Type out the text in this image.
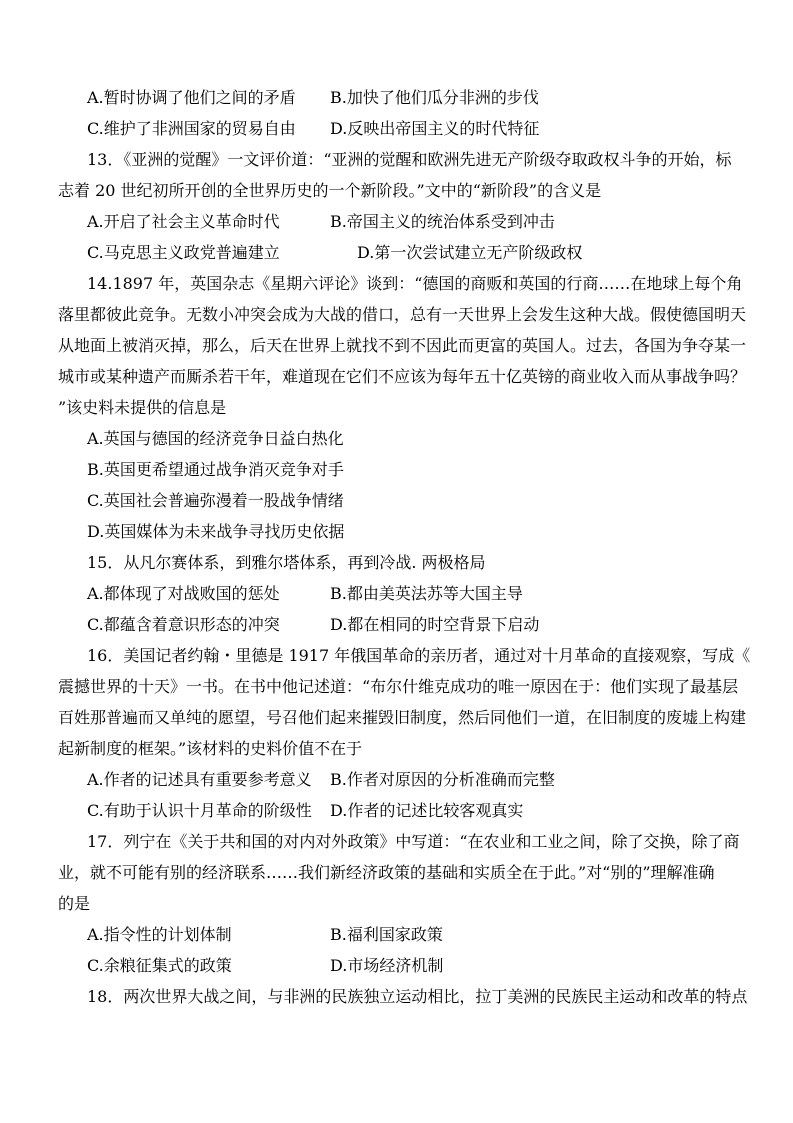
A.暂时协调了他们之间的矛盾 B.加快了他们瓜分非洲的步伐
C.维护了非洲国家的贸易自由 D.反映出帝国主义的时代特征
13．《亚洲的觉醒》一文评价道：“亚洲的觉醒和欧洲先进无产阶级夺取政权斗争的开始，标
志着 20 世纪初所开创的全世界历史的一个新阶段。”文中的“新阶段”的含义是
A.开启了社会主义革命时代	B.帝国主义的统治体系受到冲击
C.马克思主义政党普遍建立	D.第一次尝试建立无产阶级政权
14.1897 年，英国杂志《星期六评论》谈到：“德国的商贩和英国的行商……在地球上每个角
落里都彼此竞争。无数小冲突会成为大战的借口，总有一天世界上会发生这种大战。假使德国明天
从地面上被消灭掉，那么，后天在世界上就找不到不因此而更富的英国人。过去，各国为争夺某一
城市或某种遗产而厮杀若干年，难道现在它们不应该为每年五十亿英镑的商业收入而从事战争吗？
”该史料未提供的信息是
A.英国与德国的经济竞争日益白热化
B.英国更希望通过战争消灭竞争对手
C.英国社会普遍弥漫着一股战争情绪
D.英国媒体为未来战争寻找历史依据
15．从凡尔赛体系，到雅尔塔体系，再到冷战. 两极格局
A.都体现了对战败国的惩处	B.都由美英法苏等大国主导
C.都蕴含着意识形态的冲突	D.都在相同的时空背景下启动
16．美国记者约翰・里德是 1917 年俄国革命的亲历者，通过对十月革命的直接观察，写成《
震撼世界的十天》一书。在书中他记述道：“布尔什维克成功的唯一原因在于：他们实现了最基层
百姓那普遍而又单纯的愿望，号召他们起来摧毁旧制度，然后同他们一道，在旧制度的废墟上构建
起新制度的框架。”该材料的史料价值不在于
A.作者的记述具有重要参考意义 B.作者对原因的分析准确而完整
C.有助于认识十月革命的阶级性 D.作者的记述比较客观真实
17．列宁在《关于共和国的对内对外政策》中写道：“在农业和工业之间，除了交换，除了商
业，就不可能有别的经济联系……我们新经济政策的基础和实质全在于此。”对“别的”理解准确
的是
A.指令性的计划体制	B.福利国家政策
C.余粮征集式的政策	D.市场经济机制
18．两次世界大战之间，与非洲的民族独立运动相比，拉丁美洲的民族民主运动和改革的特点
